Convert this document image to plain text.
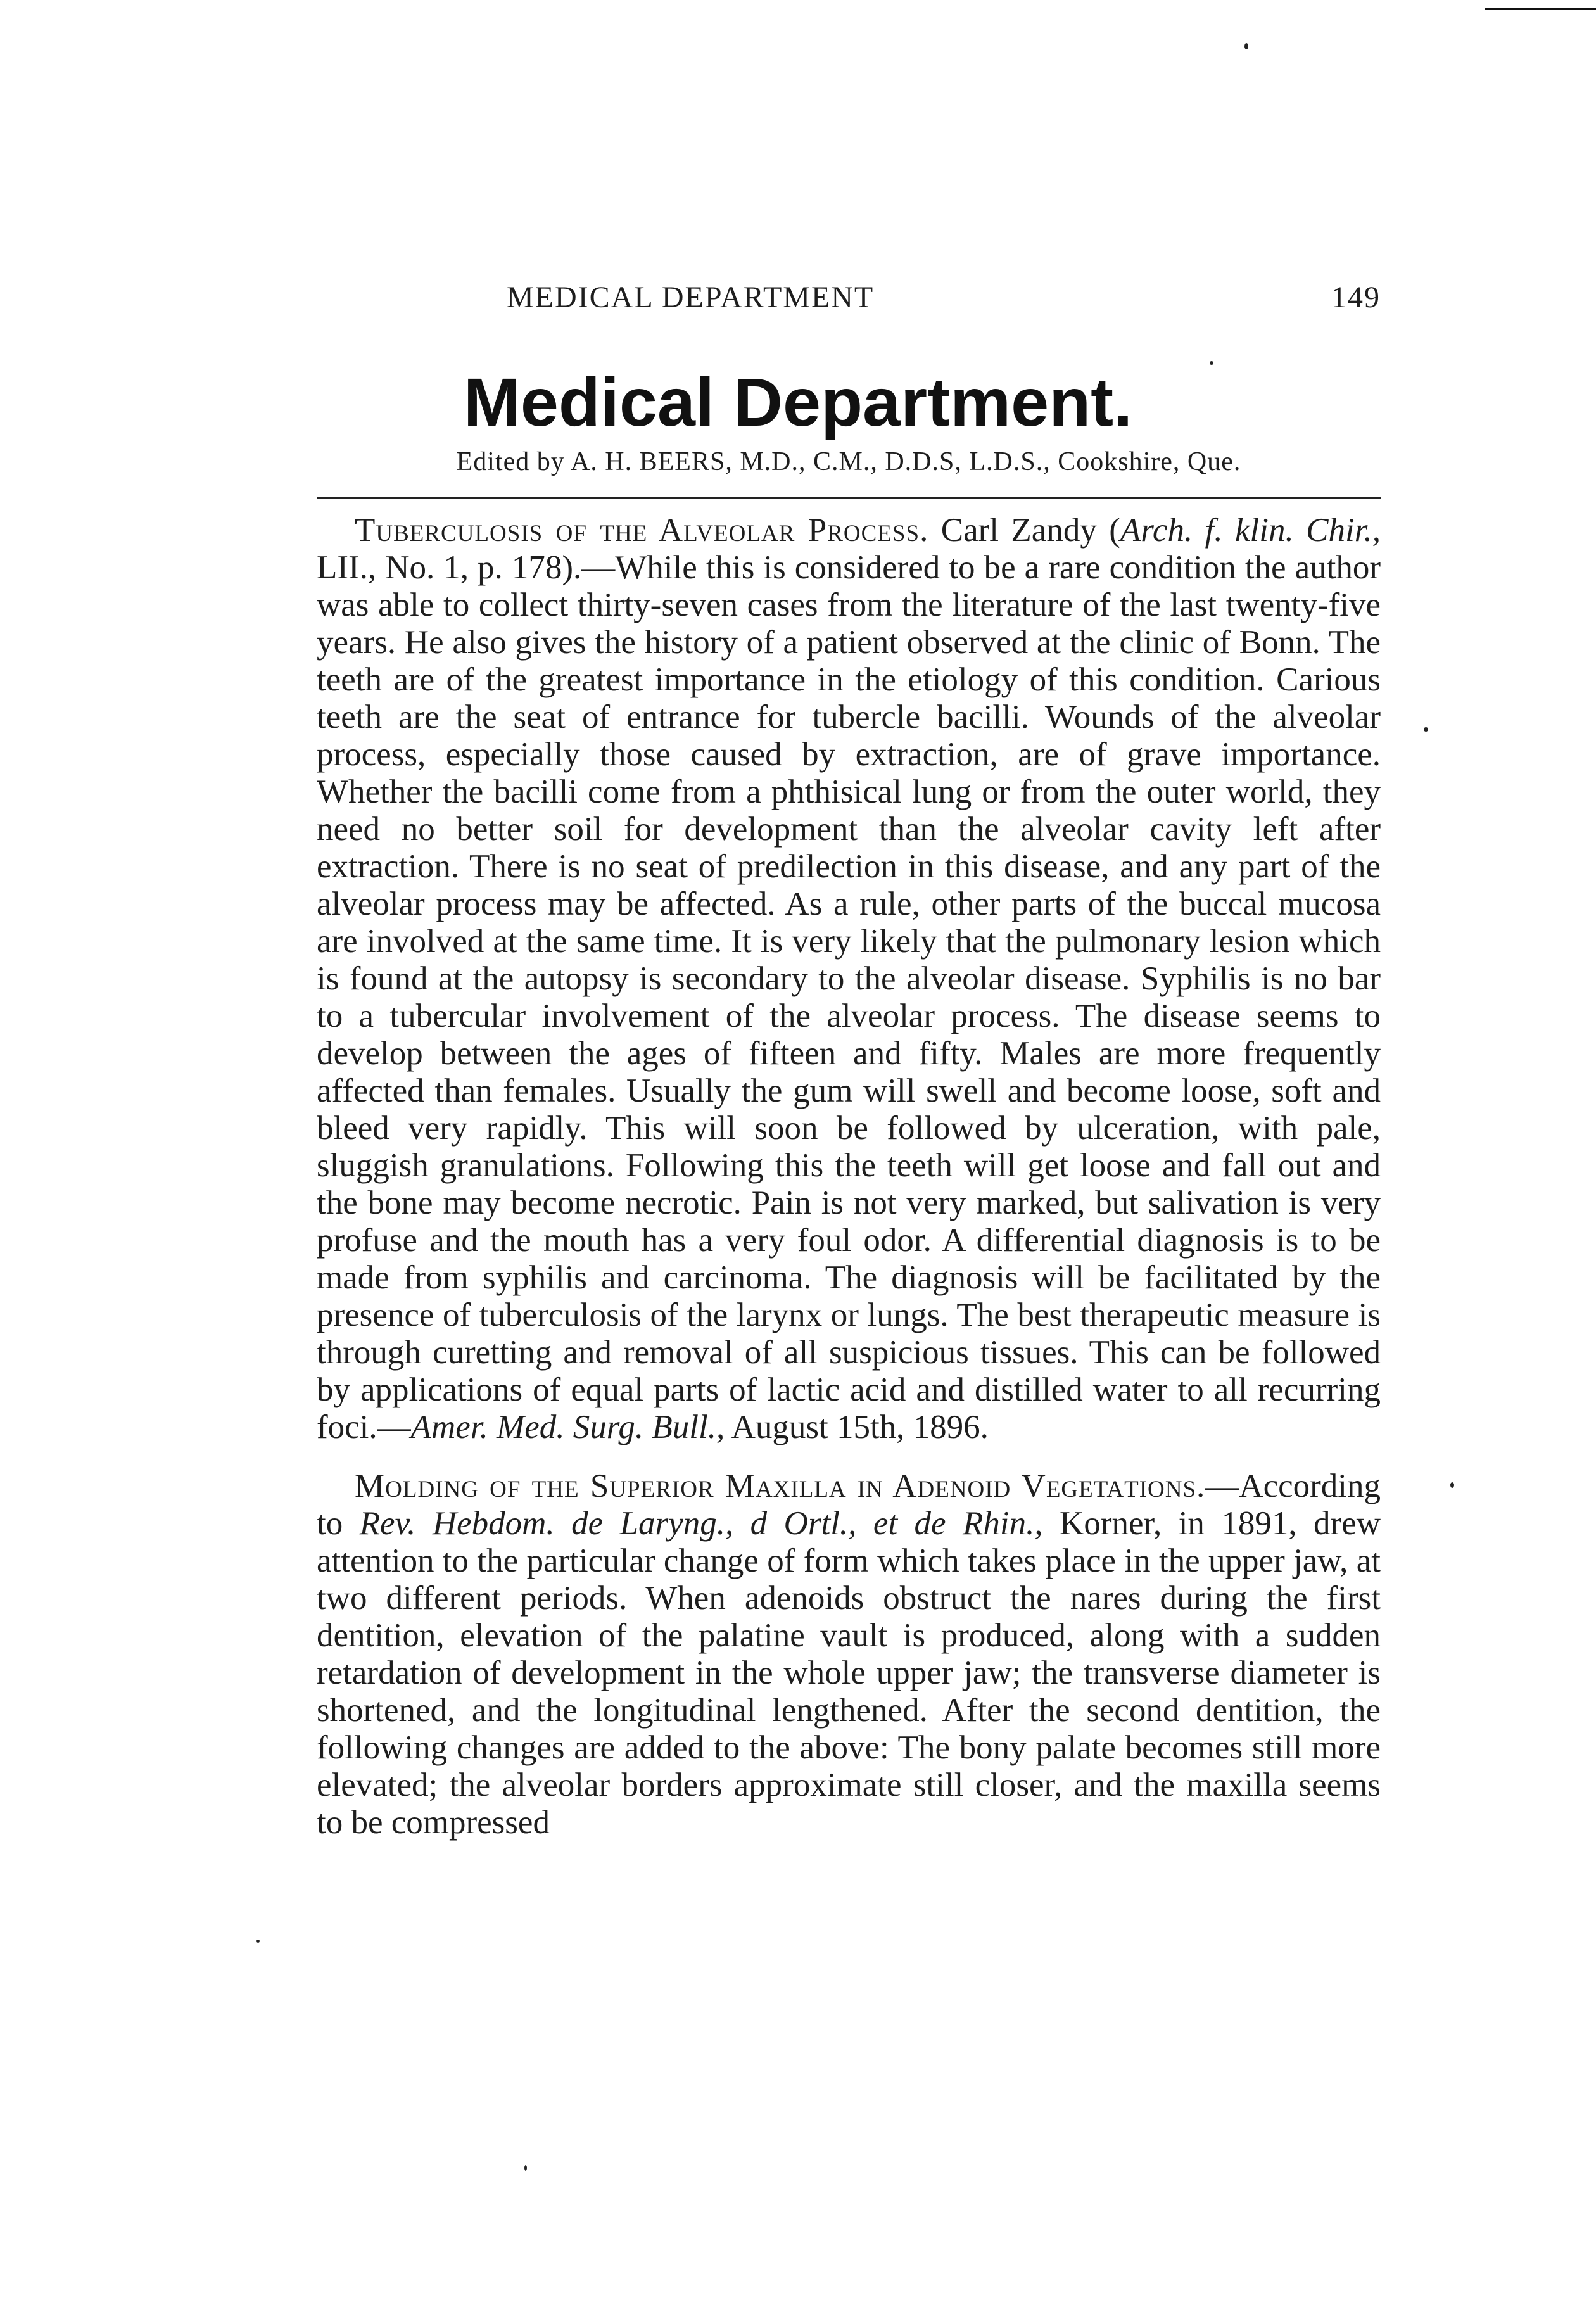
MEDICAL DEPARTMENT	149
Medical Department.
Edited by A. H. BEERS, M.D., C.M., D.D.S, L.D.S., Cookshire, Que.

Tuberculosis of the Alveolar Process. Carl Zandy (Arch. f. klin. Chir., LII., No. 1, p. 178).—While this is considered to be a rare condition the author was able to collect thirty-seven cases from the literature of the last twenty-five years. He also gives the history of a patient observed at the clinic of Bonn. The teeth are of the greatest importance in the etiology of this condition. Carious teeth are the seat of entrance for tubercle bacilli. Wounds of the alveolar process, especially those caused by extraction, are of grave importance. Whether the bacilli come from a phthisical lung or from the outer world, they need no better soil for development than the alveolar cavity left after extraction. There is no seat of predilection in this disease, and any part of the alveolar process may be affected. As a rule, other parts of the buccal mucosa are involved at the same time. It is very likely that the pulmonary lesion which is found at the autopsy is secondary to the alveolar disease. Syphilis is no bar to a tubercular involvement of the alveolar process. The disease seems to develop between the ages of fifteen and fifty. Males are more frequently affected than females. Usually the gum will swell and become loose, soft and bleed very rapidly. This will soon be followed by ulceration, with pale, sluggish granulations. Following this the teeth will get loose and fall out and the bone may become necrotic. Pain is not very marked, but salivation is very profuse and the mouth has a very foul odor. A differential diagnosis is to be made from syphilis and carcinoma. The diagnosis will be facilitated by the presence of tuberculosis of the larynx or lungs. The best therapeutic measure is through curetting and removal of all suspicious tissues. This can be followed by applications of equal parts of lactic acid and distilled water to all recurring foci.—Amer. Med. Surg. Bull., August 15th, 1896.

Molding of the Superior Maxilla in Adenoid Vegetations.—According to Rev. Hebdom. de Laryng., d Ortl., et de Rhin., Korner, in 1891, drew attention to the particular change of form which takes place in the upper jaw, at two different periods. When adenoids obstruct the nares during the first dentition, elevation of the palatine vault is produced, along with a sudden retardation of development in the whole upper jaw; the transverse diameter is shortened, and the longitudinal lengthened. After the second dentition, the following changes are added to the above: The bony palate becomes still more elevated; the alveolar borders approximate still closer, and the maxilla seems to be compressed
